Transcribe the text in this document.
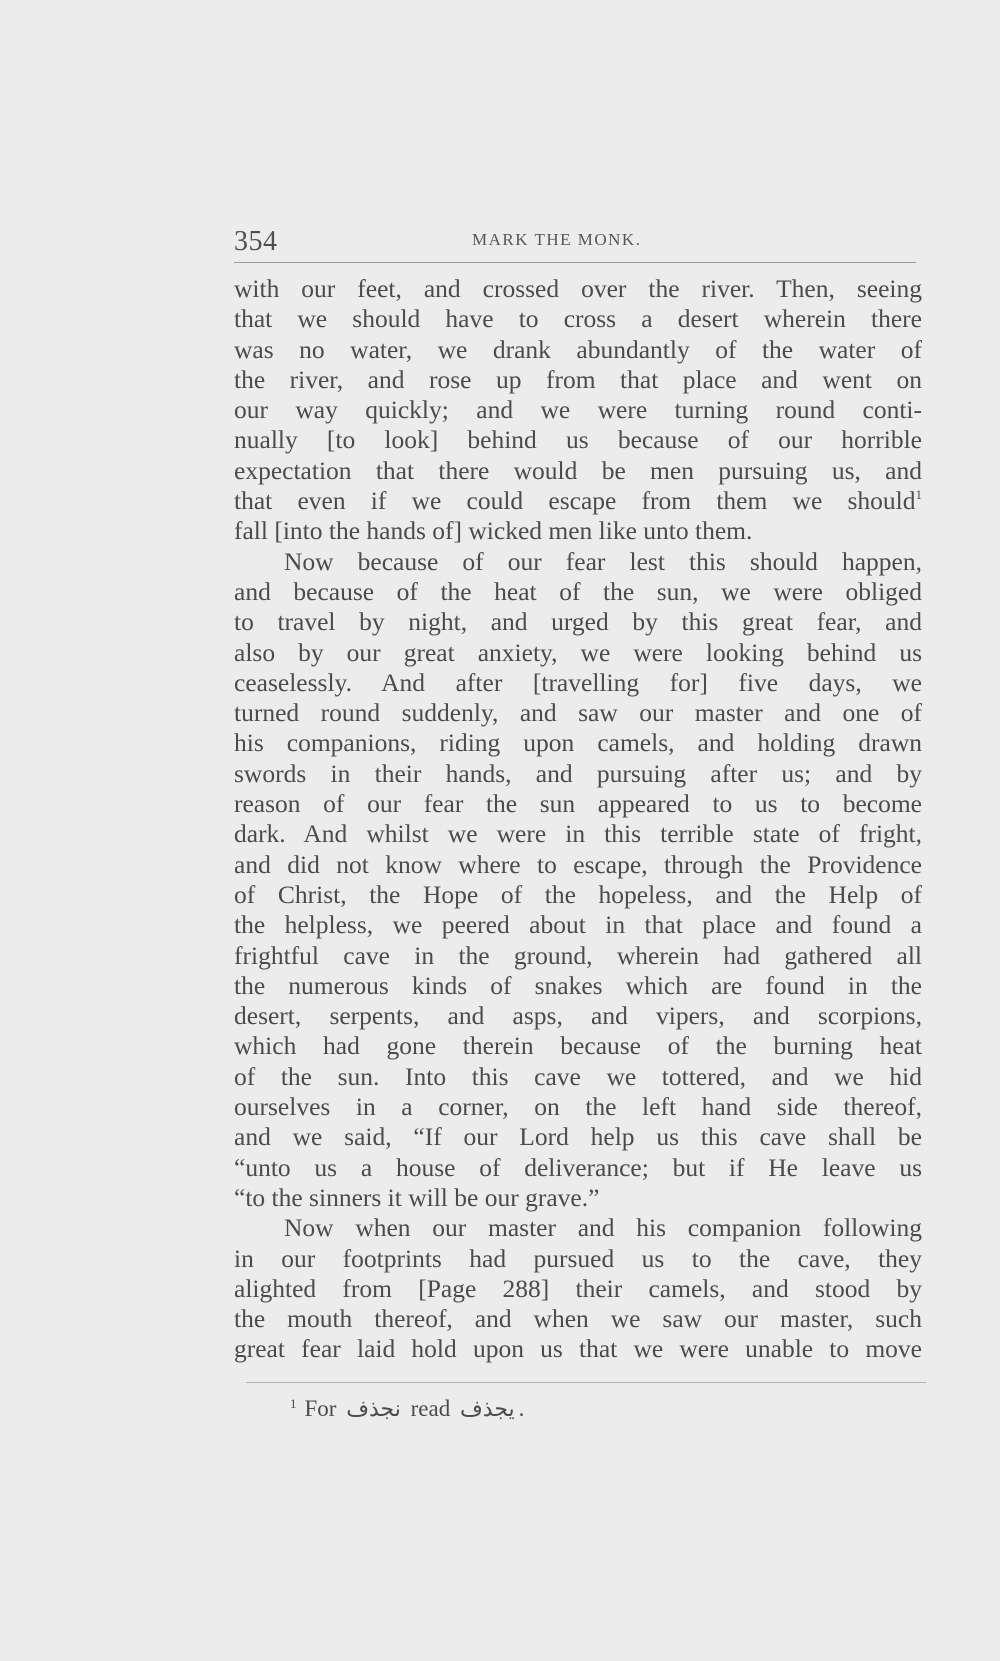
354	MARK THE MONK.
with our feet, and crossed over the river. Then, seeing
that we should have to cross a desert wherein there
was no water, we drank abundantly of the water of
the river, and rose up from that place and went on
our way quickly; and we were turning round conti-
nually [to look] behind us because of our horrible
expectation that there would be men pursuing us, and
that even if we could escape from them we should$^1$
fall [into the hands of] wicked men like unto them.
Now because of our fear lest this should happen,
and because of the heat of the sun, we were obliged
to travel by night, and urged by this great fear, and
also by our great anxiety, we were looking behind us
ceaselessly. And after [travelling for] five days, we
turned round suddenly, and saw our master and one of
his companions, riding upon camels, and holding drawn
swords in their hands, and pursuing after us; and by
reason of our fear the sun appeared to us to become
dark. And whilst we were in this terrible state of fright,
and did not know where to escape, through the Providence
of Christ, the Hope of the hopeless, and the Help of
the helpless, we peered about in that place and found a
frightful cave in the ground, wherein had gathered all
the numerous kinds of snakes which are found in the
desert, serpents, and asps, and vipers, and scorpions,
which had gone therein because of the burning heat
of the sun. Into this cave we tottered, and we hid
ourselves in a corner, on the left hand side thereof,
and we said, “If our Lord help us this cave shall be
“unto us a house of deliverance; but if He leave us
“to the sinners it will be our grave.”
Now when our master and his companion following
in our footprints had pursued us to the cave, they
alighted from [Page 288] their camels, and stood by
the mouth thereof, and when we saw our master, such
great fear laid hold upon us that we were unable to move
$^1$ For نجذف read يجذف .
